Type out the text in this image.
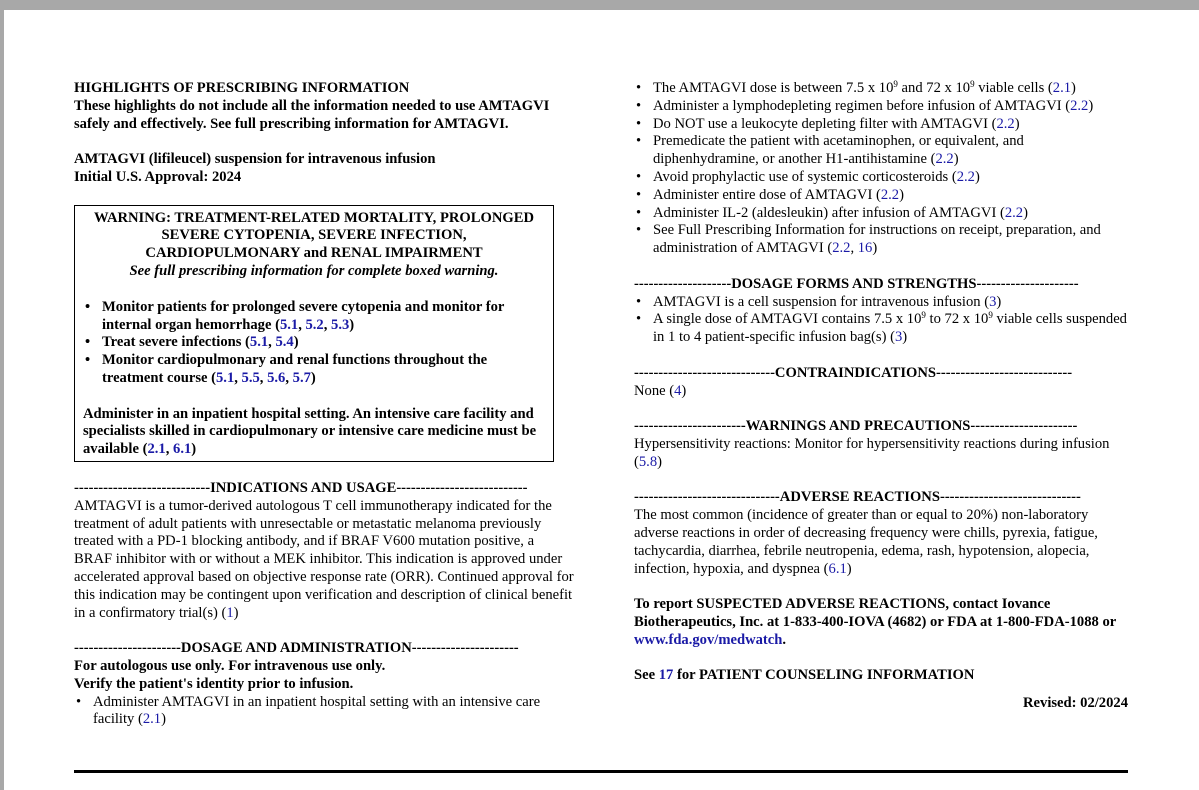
HIGHLIGHTS OF PRESCRIBING INFORMATION

These highlights do not include all the information needed to use AMTAGVI safely and effectively. See full prescribing information for AMTAGVI.

AMTAGVI (lifileucel) suspension for intravenous infusion

Initial U.S. Approval: 2024

WARNING: TREATMENT-RELATED MORTALITY, PROLONGED SEVERE CYTOPENIA, SEVERE INFECTION, CARDIOPULMONARY and RENAL IMPAIRMENT
See full prescribing information for complete boxed warning.
• Monitor patients for prolonged severe cytopenia and monitor for internal organ hemorrhage (5.1, 5.2, 5.3)
• Treat severe infections (5.1, 5.4)
• Monitor cardiopulmonary and renal functions throughout the treatment course (5.1, 5.5, 5.6, 5.7)

Administer in an inpatient hospital setting. An intensive care facility and specialists skilled in cardiopulmonary or intensive care medicine must be available (2.1, 6.1)

----------------------------INDICATIONS AND USAGE---------------------------

AMTAGVI is a tumor-derived autologous T cell immunotherapy indicated for the treatment of adult patients with unresectable or metastatic melanoma previously treated with a PD-1 blocking antibody, and if BRAF V600 mutation positive, a BRAF inhibitor with or without a MEK inhibitor. This indication is approved under accelerated approval based on objective response rate (ORR). Continued approval for this indication may be contingent upon verification and description of clinical benefit in a confirmatory trial(s) (1)

----------------------DOSAGE AND ADMINISTRATION----------------------

For autologous use only. For intravenous use only.

Verify the patient's identity prior to infusion.

• Administer AMTAGVI in an inpatient hospital setting with an intensive care facility (2.1)
• The AMTAGVI dose is between 7.5 x $10^9$ and 72 x $10^9$ viable cells (2.1)
• Administer a lymphodepleting regimen before infusion of AMTAGVI (2.2)
• Do NOT use a leukocyte depleting filter with AMTAGVI (2.2)
• Premedicate the patient with acetaminophen, or equivalent, and diphenhydramine, or another H1-antihistamine (2.2)
• Avoid prophylactic use of systemic corticosteroids (2.2)
• Administer entire dose of AMTAGVI (2.2)
• Administer IL-2 (aldesleukin) after infusion of AMTAGVI (2.2)
• See Full Prescribing Information for instructions on receipt, preparation, and administration of AMTAGVI (2.2, 16)
--------------------DOSAGE FORMS AND STRENGTHS---------------------
• AMTAGVI is a cell suspension for intravenous infusion (3)
• A single dose of AMTAGVI contains 7.5 x $10^9$ to 72 x $10^9$ viable cells suspended in 1 to 4 patient-specific infusion bag(s) (3)
-----------------------------CONTRAINDICATIONS----------------------------

None (4)

-----------------------WARNINGS AND PRECAUTIONS----------------------

Hypersensitivity reactions: Monitor for hypersensitivity reactions during infusion (5.8)

------------------------------ADVERSE REACTIONS-----------------------------

The most common (incidence of greater than or equal to 20%) non-laboratory adverse reactions in order of decreasing frequency were chills, pyrexia, fatigue, tachycardia, diarrhea, febrile neutropenia, edema, rash, hypotension, alopecia, infection, hypoxia, and dyspnea (6.1)

To report SUSPECTED ADVERSE REACTIONS, contact Iovance Biotherapeutics, Inc. at 1-833-400-IOVA (4682) or FDA at 1-800-FDA-1088 or www.fda.gov/medwatch.

See 17 for PATIENT COUNSELING INFORMATION
Revised: 02/2024
